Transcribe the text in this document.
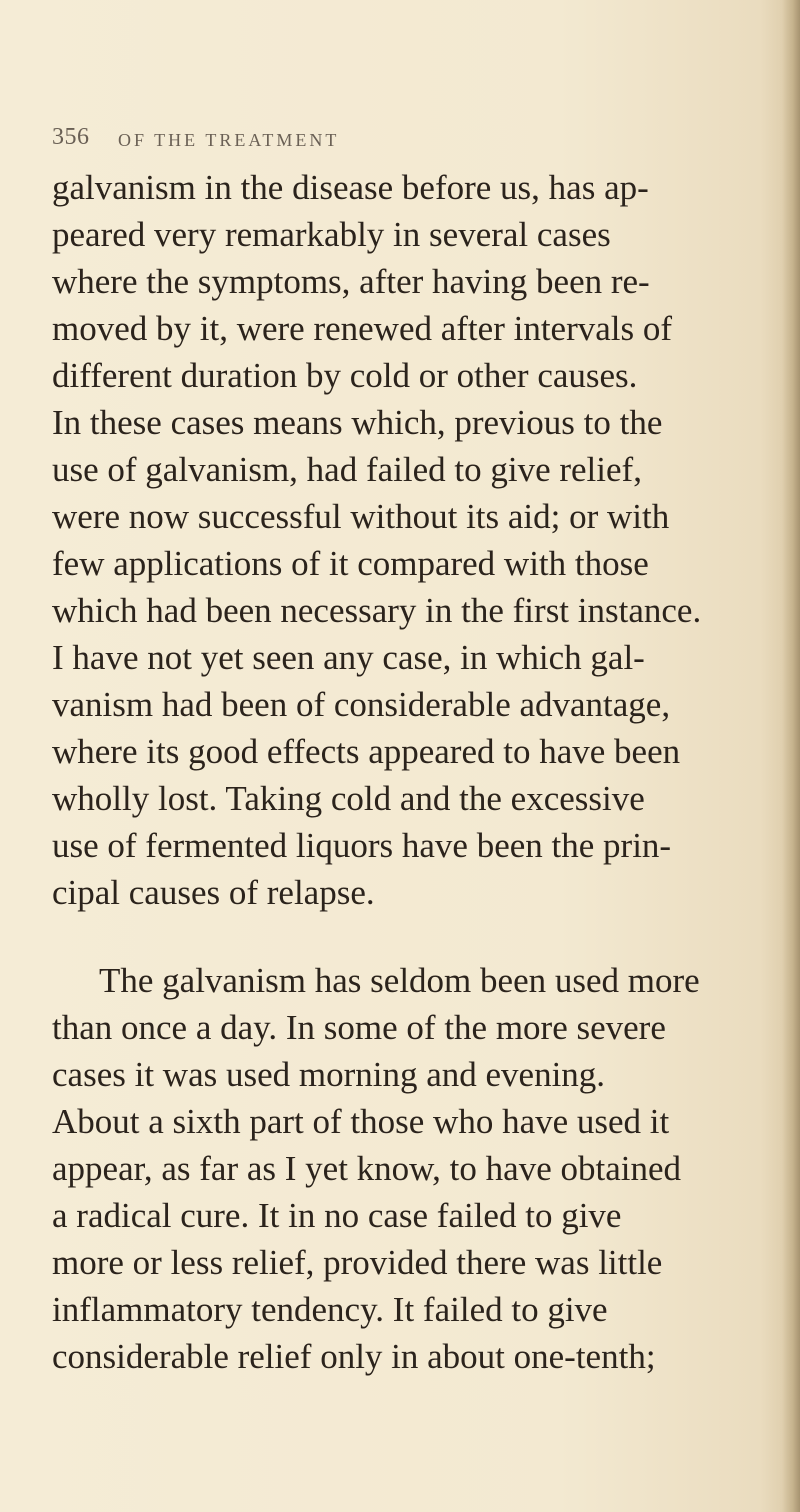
356 OF THE TREATMENT
galvanism in the disease before us, has ap-
peared very remarkably in several cases
where the symptoms, after having been re-
moved by it, were renewed after intervals of
different duration by cold or other causes.
In these cases means which, previous to the
use of galvanism, had failed to give relief,
were now successful without its aid; or with
few applications of it compared with those
which had been necessary in the first instance.
I have not yet seen any case, in which gal-
vanism had been of considerable advantage,
where its good effects appeared to have been
wholly lost. Taking cold and the excessive
use of fermented liquors have been the prin-
cipal causes of relapse.
The galvanism has seldom been used more
than once a day. In some of the more severe
cases it was used morning and evening.
About a sixth part of those who have used it
appear, as far as I yet know, to have obtained
a radical cure. It in no case failed to give
more or less relief, provided there was little
inflammatory tendency. It failed to give
considerable relief only in about one-tenth;
